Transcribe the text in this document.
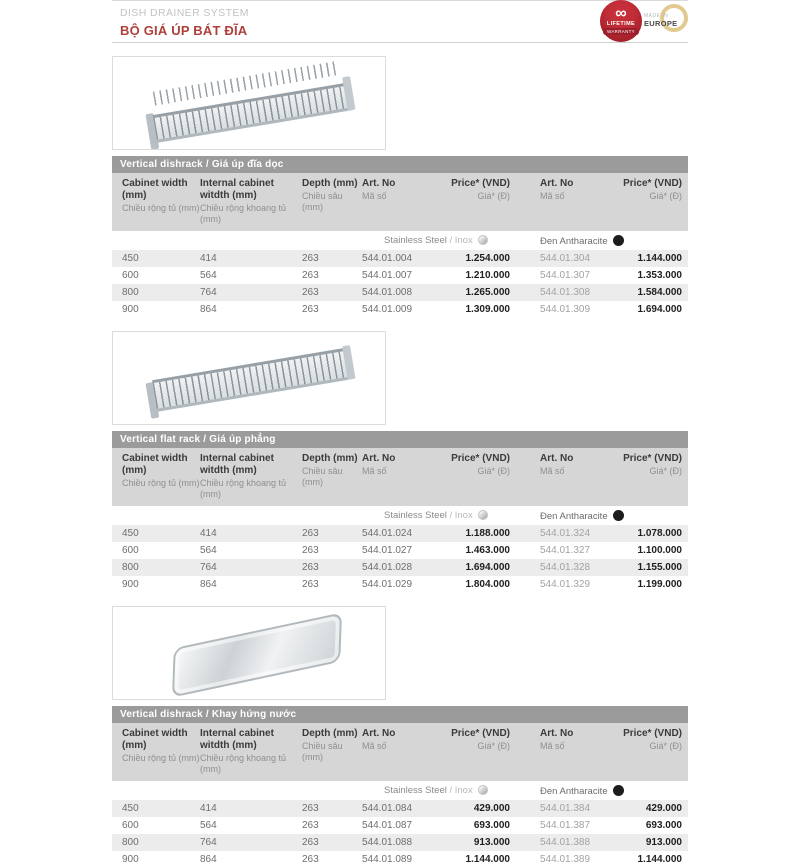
DISH DRAINER SYSTEM
BỘ GIÁ ÚP BÁT ĐĨA
∞
LIFETIME
WARRANTY
MADE IN
EUROPE
Vertical dishrack / Giá úp đĩa dọc
Cabinet width (mm)
Chiều rộng tủ (mm)

Internal cabinet witdth (mm)
Chiều rộng khoang tủ (mm)

Depth (mm)
Chiều sâu (mm)

Art. No
Mã số

Price* (VND)
Giá* (Đ)

Art. No
Mã số

Price* (VND)
Giá* (Đ)
Stainless Steel / Inox	Đen Antharacite
450	414	263	544.01.004	1.254.000	544.01.304	1.144.000
600	564	263	544.01.007	1.210.000	544.01.307	1.353.000
800	764	263	544.01.008	1.265.000	544.01.308	1.584.000
900	864	263	544.01.009	1.309.000	544.01.309	1.694.000
Vertical flat rack / Giá úp phẳng
Cabinet width (mm)
Chiều rộng tủ (mm)

Internal cabinet witdth (mm)
Chiều rộng khoang tủ (mm)

Depth (mm)
Chiều sâu (mm)

Art. No
Mã số

Price* (VND)
Giá* (Đ)

Art. No
Mã số

Price* (VND)
Giá* (Đ)
Stainless Steel / Inox	Đen Antharacite
450	414	263	544.01.024	1.188.000	544.01.324	1.078.000
600	564	263	544.01.027	1.463.000	544.01.327	1.100.000
800	764	263	544.01.028	1.694.000	544.01.328	1.155.000
900	864	263	544.01.029	1.804.000	544.01.329	1.199.000
Vertical dishrack / Khay hứng nước
Cabinet width (mm)
Chiều rộng tủ (mm)

Internal cabinet witdth (mm)
Chiều rộng khoang tủ (mm)

Depth (mm)
Chiều sâu (mm)

Art. No
Mã số

Price* (VND)
Giá* (Đ)

Art. No
Mã số

Price* (VND)
Giá* (Đ)
Stainless Steel / Inox	Đen Antharacite
450	414	263	544.01.084	429.000	544.01.384	429.000
600	564	263	544.01.087	693.000	544.01.387	693.000
800	764	263	544.01.088	913.000	544.01.388	913.000
900	864	263	544.01.089	1.144.000	544.01.389	1.144.000
